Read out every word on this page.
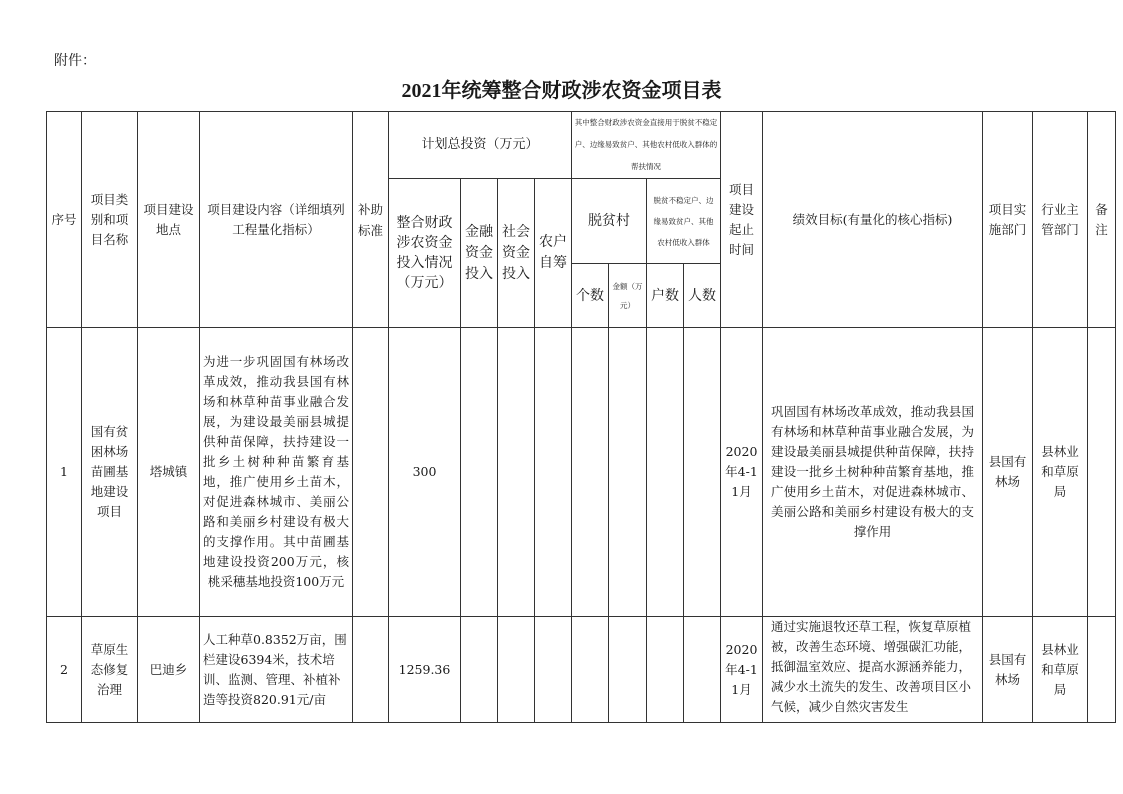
附件：
2021年统筹整合财政涉农资金项目表
序号	项目类别和项目名称	项目建设地点	项目建设内容（详细填列工程量化指标）	补助标准	计划总投资（万元）				其中整合财政涉农资金直接用于脱贫不稳定户、边缘易致贫户、其他农村低收入群体的帮扶情况				项目建设起止时间	绩效目标(有量化的核心指标)	项目实施部门	行业主管部门	备注
					整合财政涉农资金投入情况（万元）	金融资金投入	社会资金投入	农户自筹	脱贫村		脱贫不稳定户、边缘易致贫户、其他农村低收入群体						
									个数	金额（万元）	户数	人数					
1	国有贫困林场苗圃基地建设项目	塔城镇	为进一步巩固国有林场改革成效，推动我县国有林场和林草种苗事业融合发展，为建设最美丽县城提供种苗保障，扶持建设一批乡土树种种苗繁育基地，推广使用乡土苗木，对促进森林城市、美丽公路和美丽乡村建设有极大的支撑作用。其中苗圃基地建设投资200万元，核桃采穗基地投资100万元		300								2020年4-11月	巩固国有林场改革成效，推动我县国有林场和林草种苗事业融合发展，为建设最美丽县城提供种苗保障，扶持建设一批乡土树种种苗繁育基地，推广使用乡土苗木，对促进森林城市、美丽公路和美丽乡村建设有极大的支撑作用	县国有林场	县林业和草原局	
2	草原生态修复治理	巴迪乡	人工种草0.8352万亩，围栏建设6394米，技术培训、监测、管理、补植补造等投资820.91元/亩		1259.36								2020年4-11月	通过实施退牧还草工程，恢复草原植被，改善生态环境、增强碳汇功能，抵御温室效应、提高水源涵养能力，减少水土流失的发生、改善项目区小气候，减少自然灾害发生	县国有林场	县林业和草原局	
